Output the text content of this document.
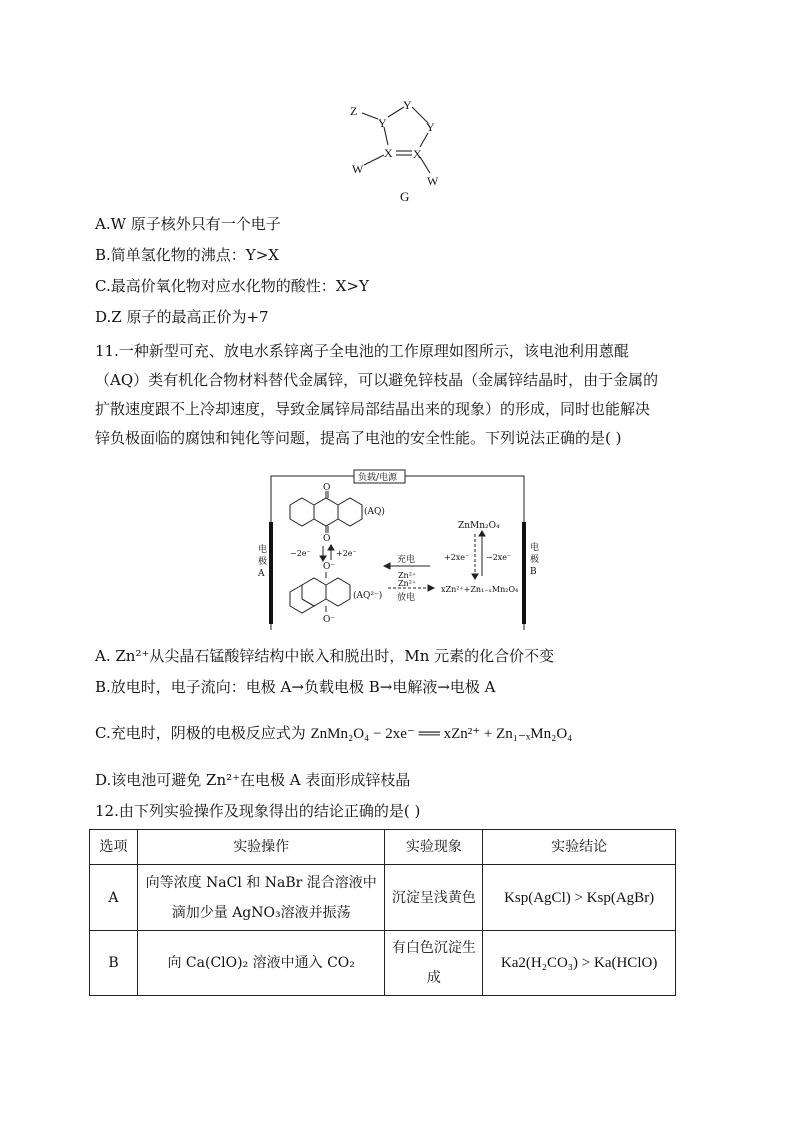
Z
Y
Y
Y
X X
W
W
G
A.W 原子核外只有一个电子
B.简单氢化物的沸点：Y>X
C.最高价氧化物对应水化物的酸性：X>Y
D.Z 原子的最高正价为+7
11.一种新型可充、放电水系锌离子全电池的工作原理如图所示，该电池利用蒽醌
（AQ）类有机化合物材料替代金属锌，可以避免锌枝晶（金属锌结晶时，由于金属的
扩散速度跟不上冷却速度，导致金属锌局部结晶出来的现象）的形成，同时也能解决
锌负极面临的腐蚀和钝化等问题，提高了电池的安全性能。下列说法正确的是( )
负载/电源
电极 A
电极 B
O
O
(AQ)
−2e⁻	+2e⁻
O⁻
O⁻
(AQ²⁻)
充电
Zn²⁺
Zn²⁺
放电
ZnMn₂O₄
+2xe⁻ −2xe⁻
xZn²⁺+Zn₁₋ₓMn₂O₄
A. Zn²⁺从尖晶石锰酸锌结构中嵌入和脱出时，Mn 元素的化合价不变
B.放电时，电子流向：电极 A→负载电极 B→电解液→电极 A
C.充电时，阴极的电极反应式为 ZnMn₂O₄ − 2xe⁻ ══ xZn²⁺ + Zn₁₋ₓMn₂O₄
D.该电池可避免 Zn²⁺在电极 A 表面形成锌枝晶
12.由下列实验操作及现象得出的结论正确的是( )
选项	实验操作	实验现象	实验结论
A	向等浓度 NaCl 和 NaBr 混合溶液中滴加少量 AgNO₃溶液并振荡	沉淀呈浅黄色	Ksp(AgCl) > Ksp(AgBr)
B	向 Ca(ClO)₂ 溶液中通入 CO₂	有白色沉淀生成	Ka2(H₂CO₃) > Ka(HClO)
